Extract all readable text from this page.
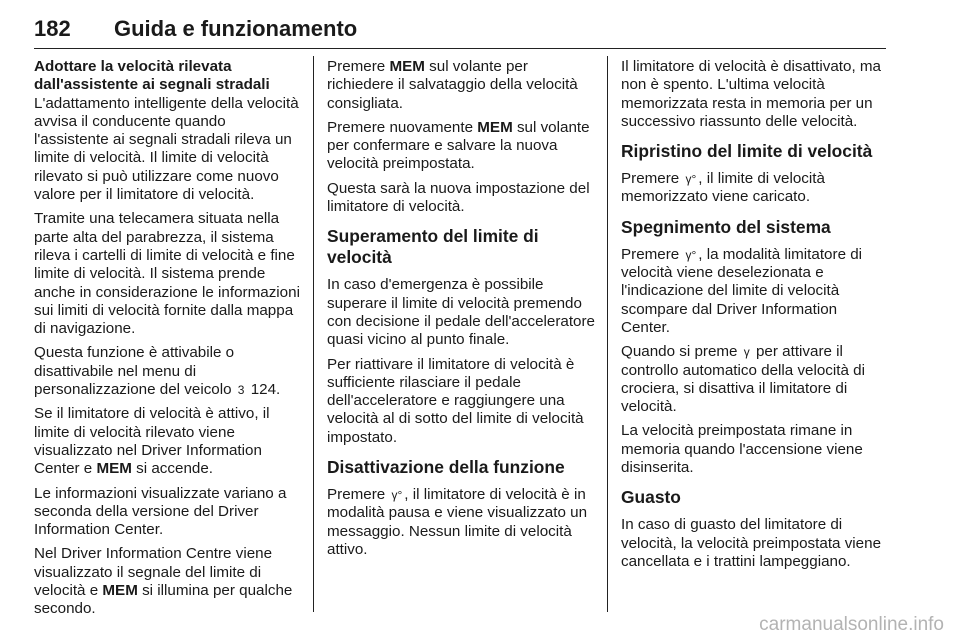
182 Guida e funzionamento
Adottare la velocità rilevata dall'assistente ai segnali stradali

L'adattamento intelligente della velocità avvisa il conducente quando l'assistente ai segnali stradali rileva un limite di velocità. Il limite di velocità rilevato si può utilizzare come nuovo valore per il limitatore di velocità.

Tramite una telecamera situata nella parte alta del parabrezza, il sistema rileva i cartelli di limite di velocità e fine limite di velocità. Il sistema prende anche in considerazione le informazioni sui limiti di velocità fornite dalla mappa di navigazione.

Questa funzione è attivabile o disattivabile nel menu di personalizzazione del veicolo 3 124.

Se il limitatore di velocità è attivo, il limite di velocità rilevato viene visualizzato nel Driver Information Center e MEM si accende.

Le informazioni visualizzate variano a seconda della versione del Driver Information Center.

Nel Driver Information Centre viene visualizzato il segnale del limite di velocità e MEM si illumina per qualche secondo.

Premere MEM sul volante per richiedere il salvataggio della velocità consigliata.

Premere nuovamente MEM sul volante per confermare e salvare la nuova velocità preimpostata.

Questa sarà la nuova impostazione del limitatore di velocità.

Superamento del limite di velocità

In caso d'emergenza è possibile superare il limite di velocità premendo con decisione il pedale dell'acceleratore quasi vicino al punto finale.

Per riattivare il limitatore di velocità è sufficiente rilasciare il pedale dell'acceleratore e raggiungere una velocità al di sotto del limite di velocità impostato.

Disattivazione della funzione

Premere γ° , il limitatore di velocità è in modalità pausa e viene visualizzato un messaggio. Nessun limite di velocità attivo.

Il limitatore di velocità è disattivato, ma non è spento. L'ultima velocità memorizzata resta in memoria per un successivo riassunto delle velocità.

Ripristino del limite di velocità

Premere γ° , il limite di velocità memorizzato viene caricato.

Spegnimento del sistema

Premere γ° , la modalità limitatore di velocità viene deselezionata e l'indicazione del limite di velocità scompare dal Driver Information Center.

Quando si preme γ per attivare il controllo automatico della velocità di crociera, si disattiva il limitatore di velocità.

La velocità preimpostata rimane in memoria quando l'accensione viene disinserita.

Guasto

In caso di guasto del limitatore di velocità, la velocità preimpostata viene cancellata e i trattini lampeggiano.

carmanualsonline.info
